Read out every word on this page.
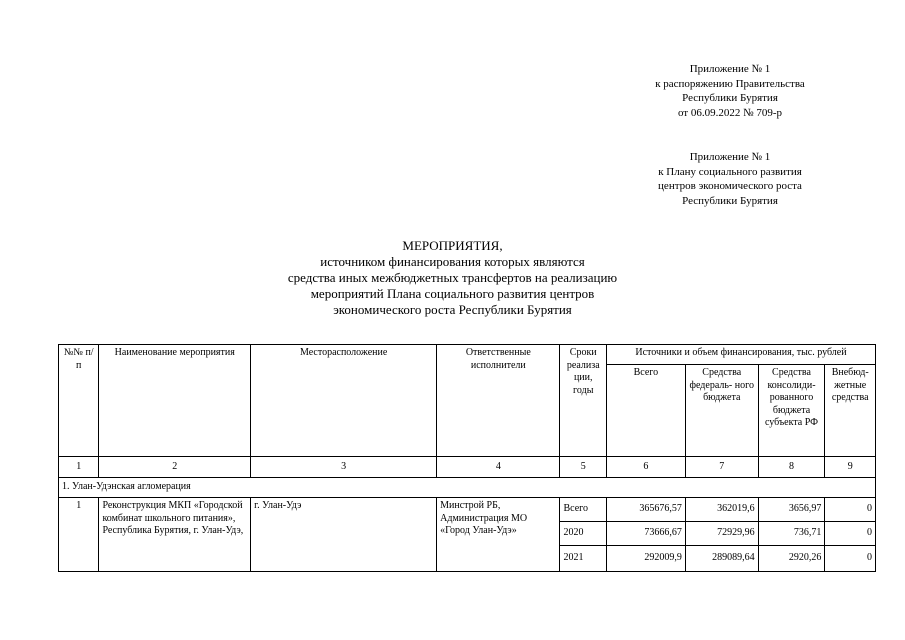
Приложение № 1
к распоряжению Правительства
Республики Бурятия
от 06.09.2022 № 709-р
Приложение № 1
к Плану социального развития
центров экономического роста
Республики Бурятия
МЕРОПРИЯТИЯ,
источником финансирования которых являются
средства иных межбюджетных трансфертов на реализацию
мероприятий Плана социального развития центров
экономического роста Республики Бурятия
№№ п/п	Наименование мероприятия	Месторасположение	Ответственные исполнители	Сроки реализа ции, годы	Источники и объем финансирования, тыс. рублей			
					Всего	Средства федераль- ного бюджета	Средства консолиди- рованного бюджета субъекта РФ	Внебюд- жетные средства
1	2	3	4	5	6	7	8	9
1. Улан-Удэнская агломерация								
1	Реконструкция МКП «Городской комбинат школьного питания», Республика Бурятия, г. Улан-Удэ,	г. Улан-Удэ	Минстрой РБ, Администрация МО «Город Улан-Удэ»	Всего	365676,57	362019,6	3656,97	0
				2020	73666,67	72929,96	736,71	0
				2021	292009,9	289089,64	2920,26	0
